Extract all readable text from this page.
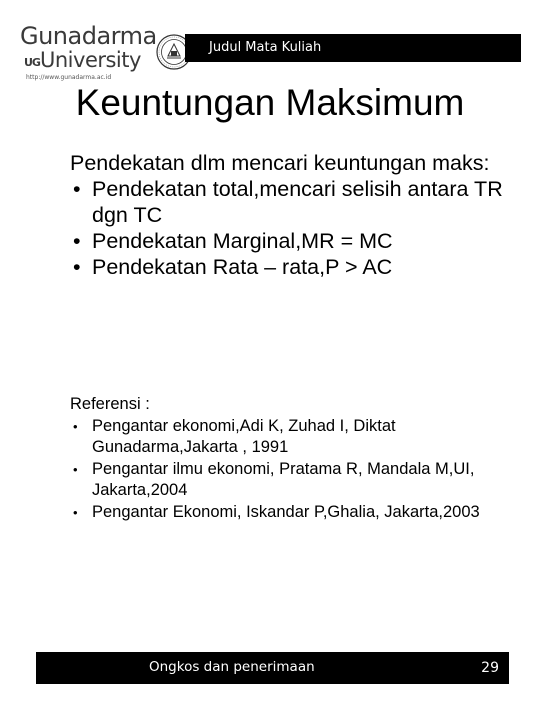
Gunadarma
UG University
http://www.gunadarma.ac.id
Judul Mata Kuliah
Keuntungan Maksimum
Pendekatan dlm mencari keuntungan maks:
• Pendekatan total,mencari selisih antara TR dgn TC
• Pendekatan Marginal,MR = MC
• Pendekatan Rata – rata,P > AC
Referensi :
• Pengantar ekonomi,Adi K, Zuhad I, Diktat Gunadarma,Jakarta , 1991
• Pengantar ilmu ekonomi, Pratama R, Mandala M,UI, Jakarta,2004
• Pengantar Ekonomi, Iskandar P,Ghalia, Jakarta,2003
Ongkos dan penerimaan	29
